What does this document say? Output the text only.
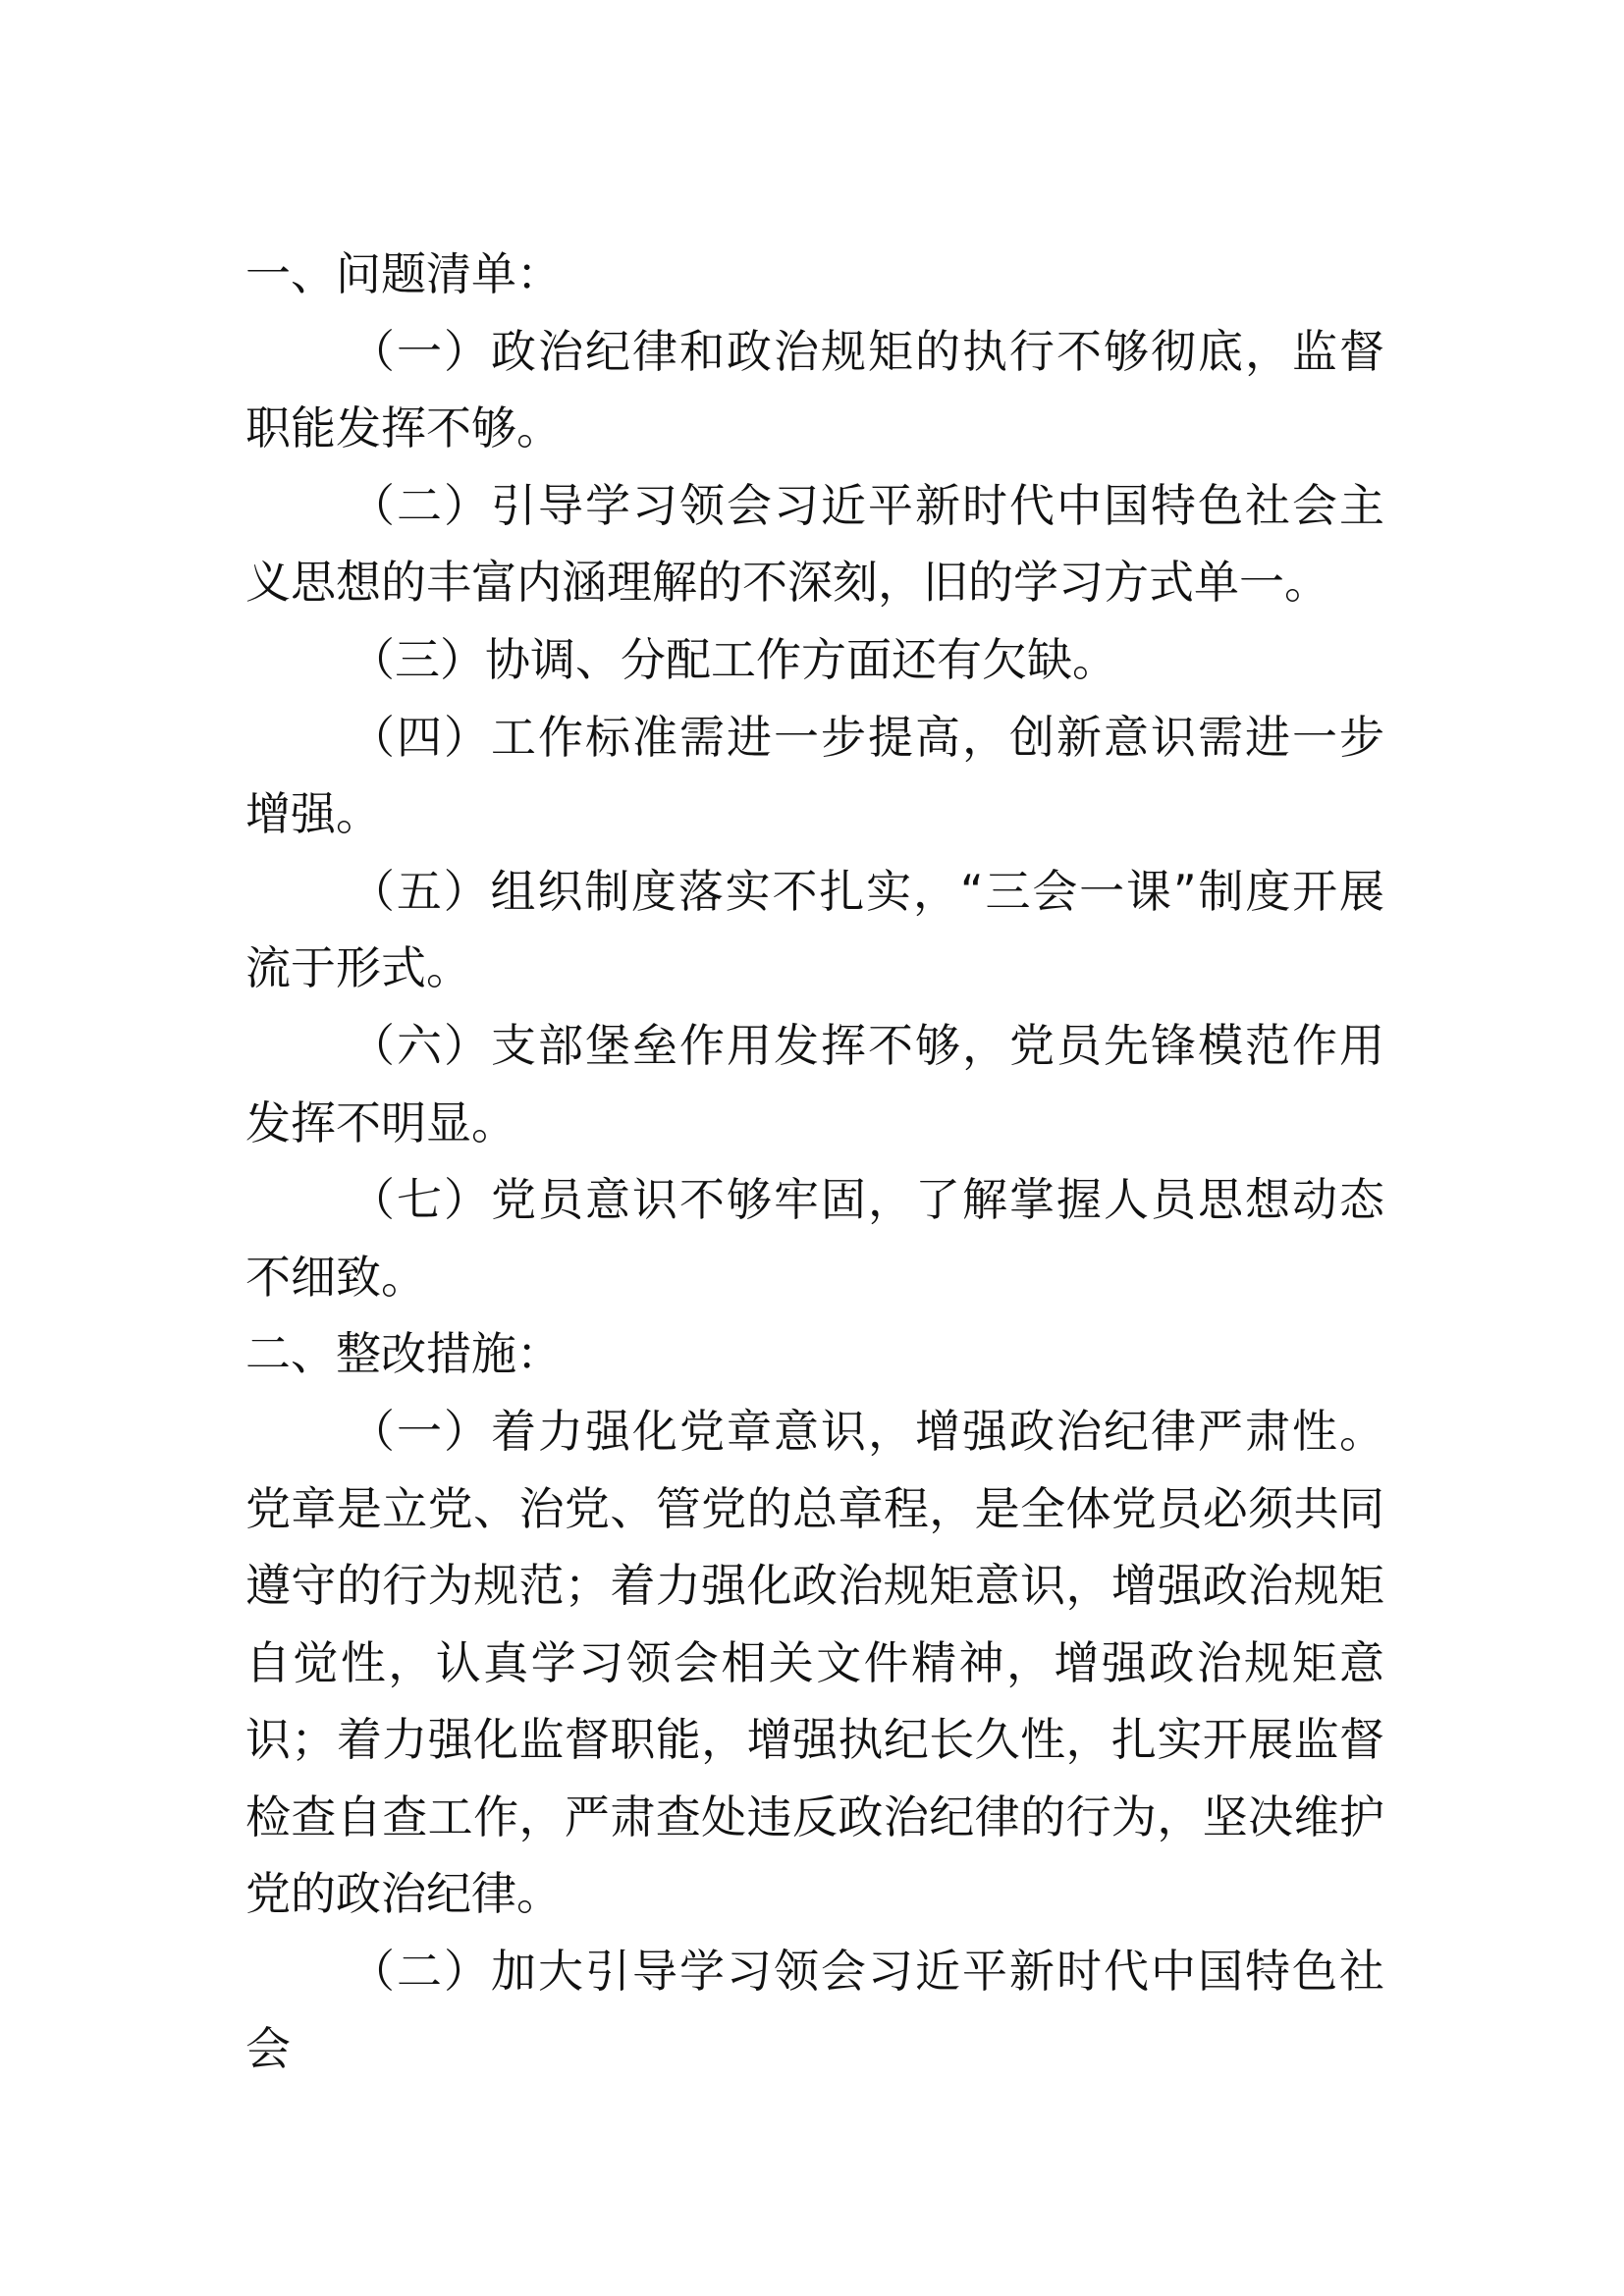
一、问题清单：

（一）政治纪律和政治规矩的执行不够彻底，监督职能发挥不够。

（二）引导学习领会习近平新时代中国特色社会主义思想的丰富内涵理解的不深刻，旧的学习方式单一。

（三）协调、分配工作方面还有欠缺。

（四）工作标准需进一步提高，创新意识需进一步增强。

（五）组织制度落实不扎实，“三会一课”制度开展流于形式。

（六）支部堡垒作用发挥不够，党员先锋模范作用发挥不明显。

（七）党员意识不够牢固，了解掌握人员思想动态不细致。

二、整改措施：

（一）着力强化党章意识，增强政治纪律严肃性。党章是立党、治党、管党的总章程，是全体党员必须共同遵守的行为规范；着力强化政治规矩意识，增强政治规矩自觉性，认真学习领会相关文件精神，增强政治规矩意识；着力强化监督职能，增强执纪长久性，扎实开展监督检查自查工作，严肃查处违反政治纪律的行为，坚决维护党的政治纪律。

（二）加大引导学习领会习近平新时代中国特色社会
